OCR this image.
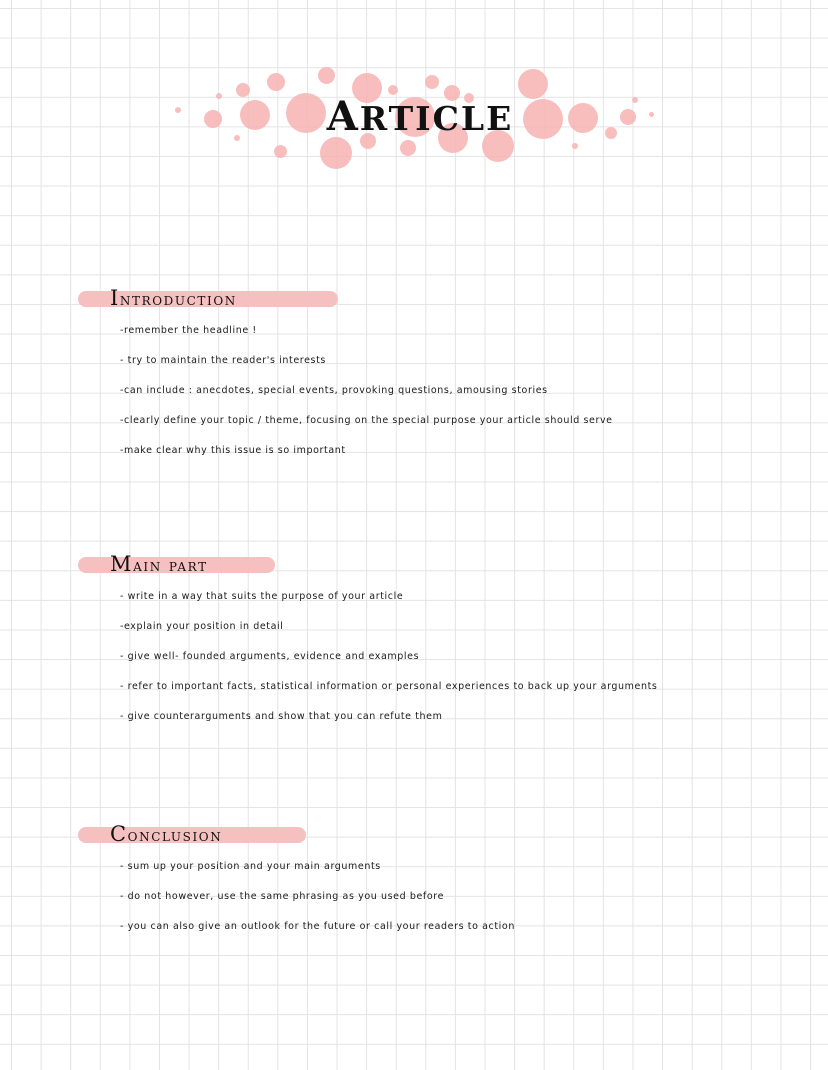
ARTICLE
Introduction
-remember the headline !
- try to maintain the reader's interests
-can include : anecdotes, special events, provoking questions, amousing stories
-clearly define your topic / theme, focusing on the special purpose your article should serve
-make clear why this issue is so important
Main part
- write in a way that suits the purpose of your article
-explain your position in detail
- give well- founded arguments, evidence and examples
- refer to important facts, statistical information or personal experiences to back up your arguments
- give counterarguments and show that you can refute them
Conclusion
- sum up your position and your main arguments
- do not however, use the same phrasing as you used before
- you can also give an outlook for the future or call your readers to action
